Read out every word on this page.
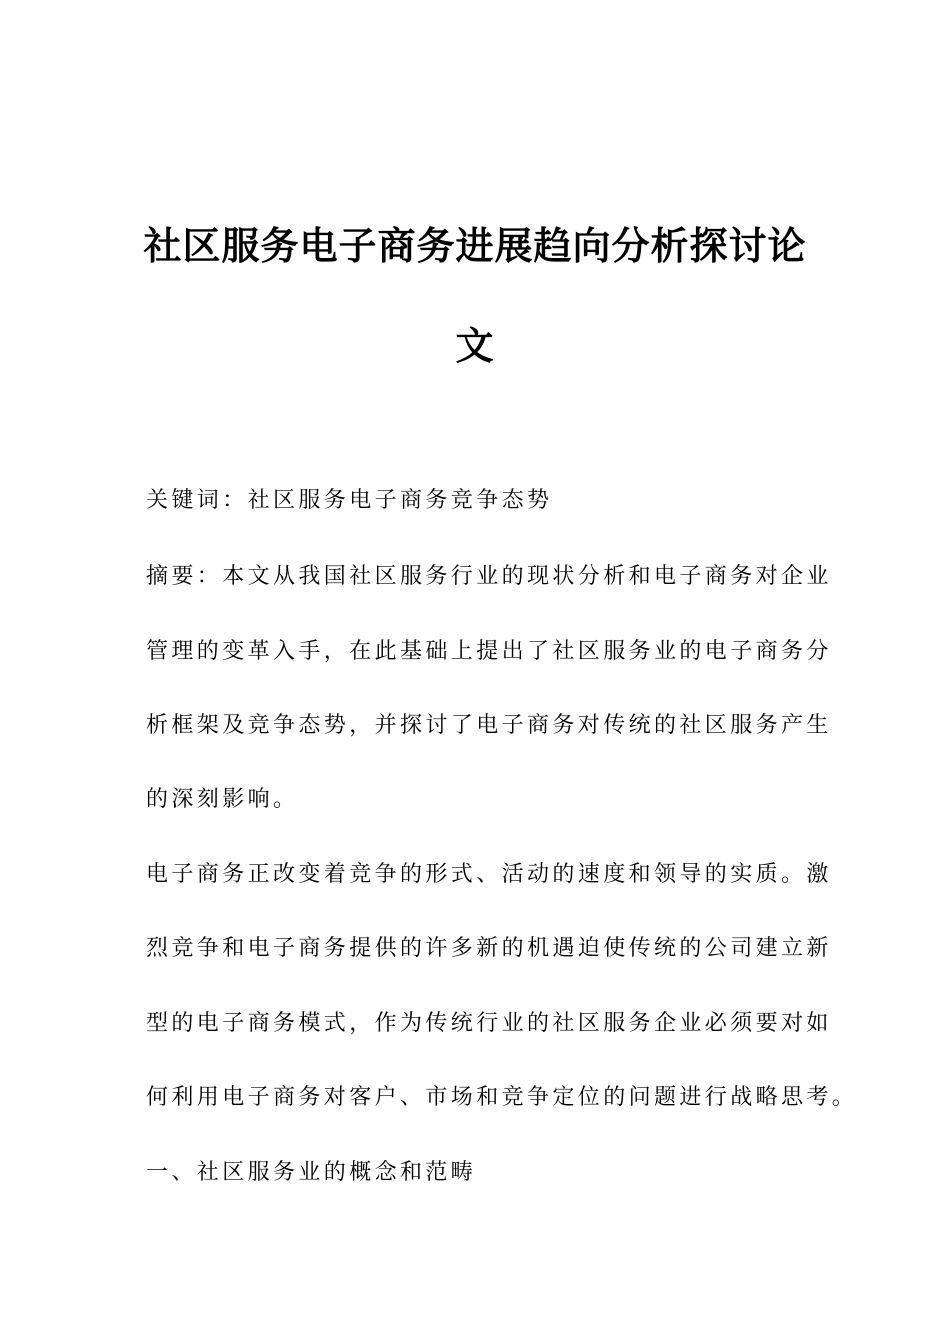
社区服务电子商务进展趋向分析探讨论
文

关键词：社区服务电子商务竞争态势

摘要：本文从我国社区服务行业的现状分析和电子商务对企业

管理的变革入手，在此基础上提出了社区服务业的电子商务分

析框架及竞争态势，并探讨了电子商务对传统的社区服务产生

的深刻影响。

电子商务正改变着竞争的形式、活动的速度和领导的实质。激

烈竞争和电子商务提供的许多新的机遇迫使传统的公司建立新

型的电子商务模式，作为传统行业的社区服务企业必须要对如

何利用电子商务对客户、市场和竞争定位的问题进行战略思考。

一、社区服务业的概念和范畴
